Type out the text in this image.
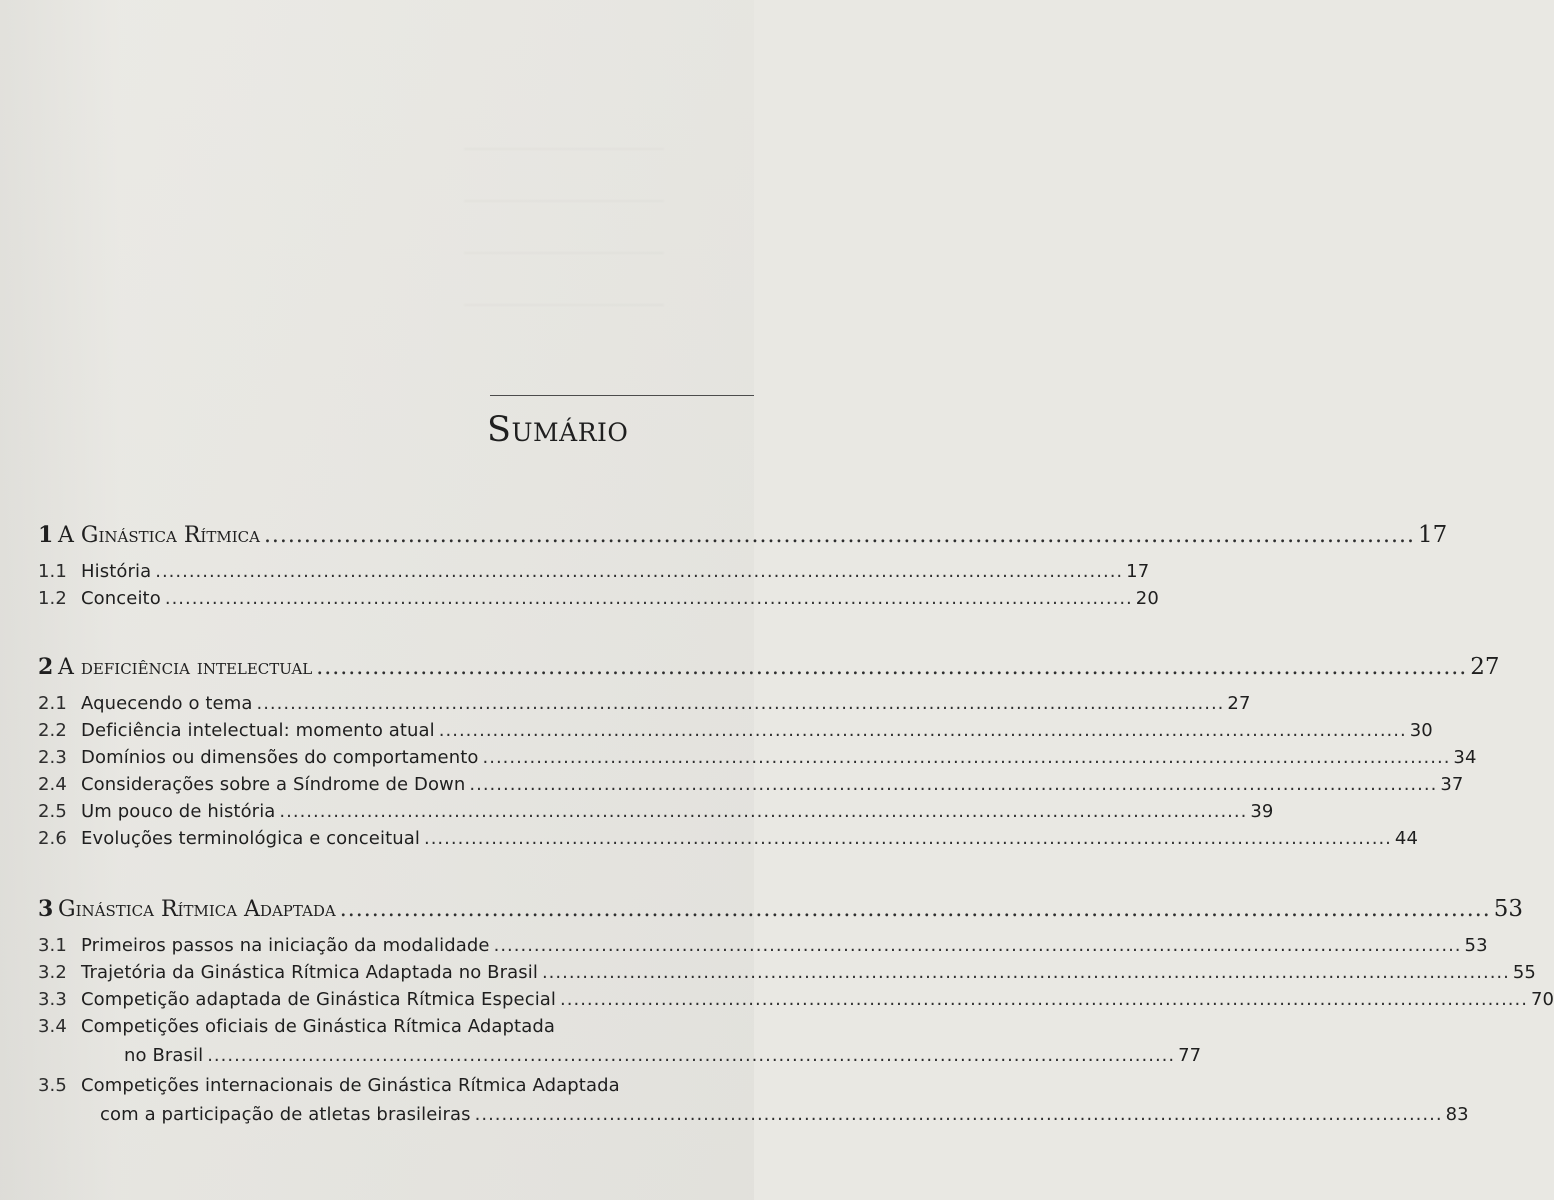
Sumário
1 A Ginástica Rítmica ................................................................................................................................................ 17
1.1 História ................................................................................................................................................ 17
1.2 Conceito ................................................................................................................................................ 20
2 A deficiência intelectual ................................................................................................................................................ 27
2.1 Aquecendo o tema ................................................................................................................................................ 27
2.2 Deficiência intelectual: momento atual ................................................................................................................................................ 30
2.3 Domínios ou dimensões do comportamento ................................................................................................................................................ 34
2.4 Considerações sobre a Síndrome de Down ................................................................................................................................................ 37
2.5 Um pouco de história ................................................................................................................................................ 39
2.6 Evoluções terminológica e conceitual ................................................................................................................................................ 44
3 Ginástica Rítmica Adaptada ................................................................................................................................................ 53
3.1 Primeiros passos na iniciação da modalidade ................................................................................................................................................ 53
3.2 Trajetória da Ginástica Rítmica Adaptada no Brasil ................................................................................................................................................ 55
3.3 Competição adaptada de Ginástica Rítmica Especial ................................................................................................................................................ 70
3.4 Competições oficiais de Ginástica Rítmica Adaptada
no Brasil ................................................................................................................................................ 77
3.5 Competições internacionais de Ginástica Rítmica Adaptada
com a participação de atletas brasileiras ................................................................................................................................................ 83
